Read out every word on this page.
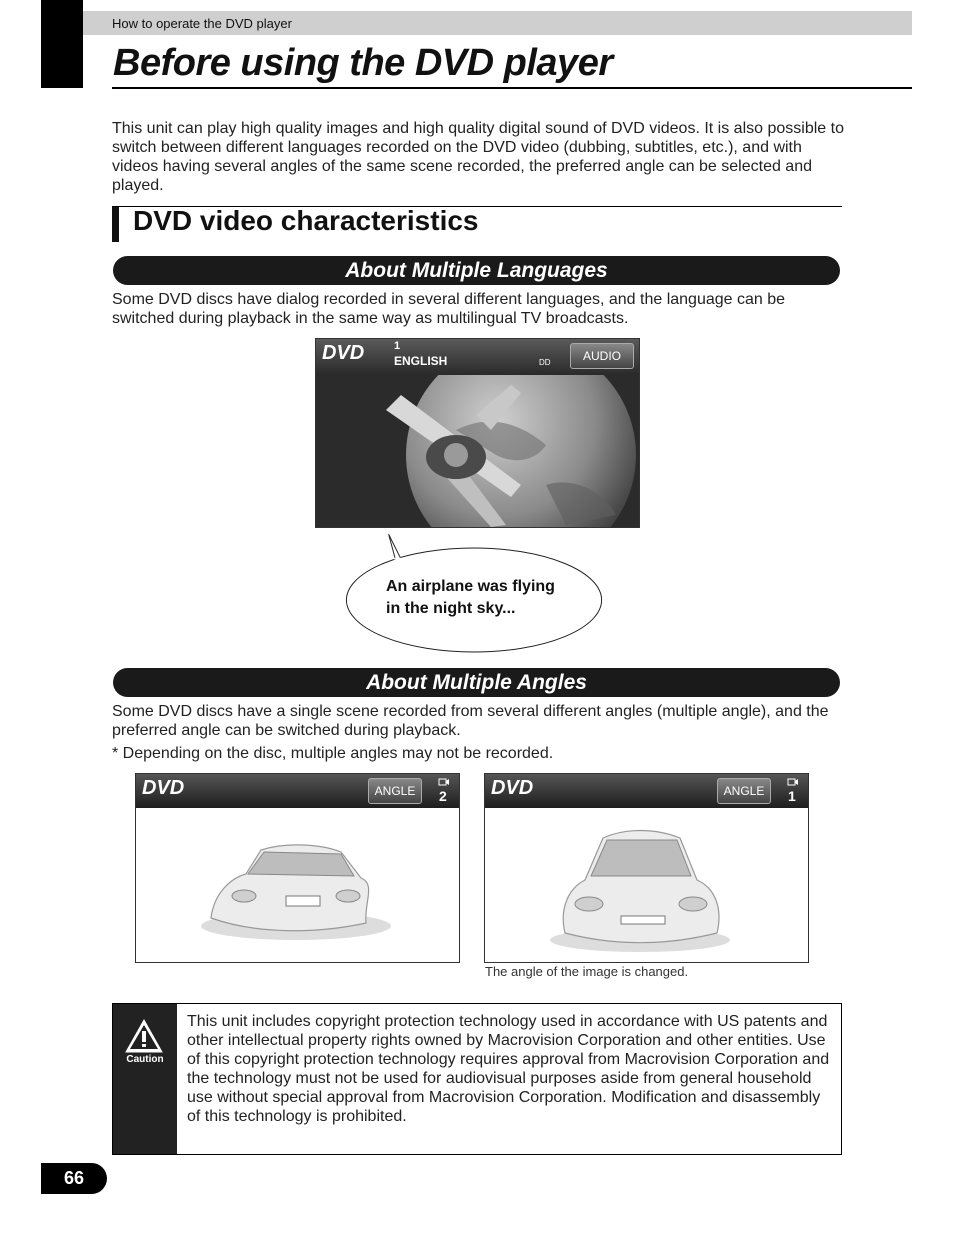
How to operate the DVD player
Before using the DVD player

This unit can play high quality images and high quality digital sound of DVD videos. It is also possible to switch between different languages recorded on the DVD video (dubbing, subtitles, etc.), and with videos having several angles of the same scene recorded, the preferred angle can be selected and played.

DVD video characteristics
About Multiple Languages

Some DVD discs have dialog recorded in several different languages, and the language can be switched during playback in the same way as multilingual TV broadcasts.

DVD	1
ENGLISH	DD	AUDIO

An airplane was flying
in the night sky...

About Multiple Angles

Some DVD discs have a single scene recorded from several different angles (multiple angle), and the preferred angle can be switched during playback.

* Depending on the disc, multiple angles may not be recorded.

DVD	ANGLE	2 DVD	ANGLE	1
The angle of the image is changed.
Caution

This unit includes copyright protection technology used in accordance with US patents and other intellectual property rights owned by Macrovision Corporation and other entities. Use of this copyright protection technology requires approval from Macrovision Corporation and the technology must not be used for audiovisual purposes aside from general household use without special approval from Macrovision Corporation. Modification and disassembly of this technology is prohibited.

66
